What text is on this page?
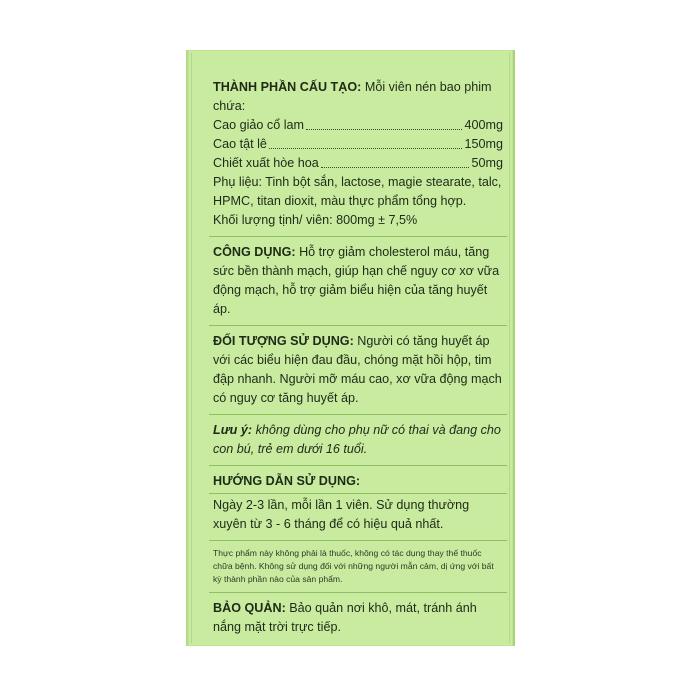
THÀNH PHẦN CẤU TẠO: Mỗi viên nén bao phim chứa:

Cao giảo cổ lam	400mg
Cao tật lê	150mg
Chiết xuất hòe hoa	50mg

Phụ liệu: Tinh bột sắn, lactose, magie stearate, talc, HPMC, titan dioxit, màu thực phẩm tổng hợp.

Khối lượng tịnh/ viên: 800mg ± 7,5%

CÔNG DỤNG: Hỗ trợ giảm cholesterol máu, tăng sức bền thành mạch, giúp hạn chế nguy cơ xơ vữa động mạch, hỗ trợ giảm biểu hiện của tăng huyết áp.

ĐỐI TƯỢNG SỬ DỤNG: Người có tăng huyết áp với các biểu hiện đau đầu, chóng mặt hồi hộp, tim đập nhanh. Người mỡ máu cao, xơ vữa động mạch có nguy cơ tăng huyết áp.

Lưu ý: không dùng cho phụ nữ có thai và đang cho con bú, trẻ em dưới 16 tuổi.

HƯỚNG DẪN SỬ DỤNG:

Ngày 2-3 lần, mỗi lần 1 viên. Sử dụng thường xuyên từ 3 - 6 tháng để có hiệu quả nhất.

Thực phẩm này không phải là thuốc, không có tác dụng thay thế thuốc chữa bệnh. Không sử dụng đối với những người mẫn cảm, dị ứng với bất kỳ thành phần nào của sản phẩm.

BẢO QUẢN: Bảo quản nơi khô, mát, tránh ánh nắng mặt trời trực tiếp.
